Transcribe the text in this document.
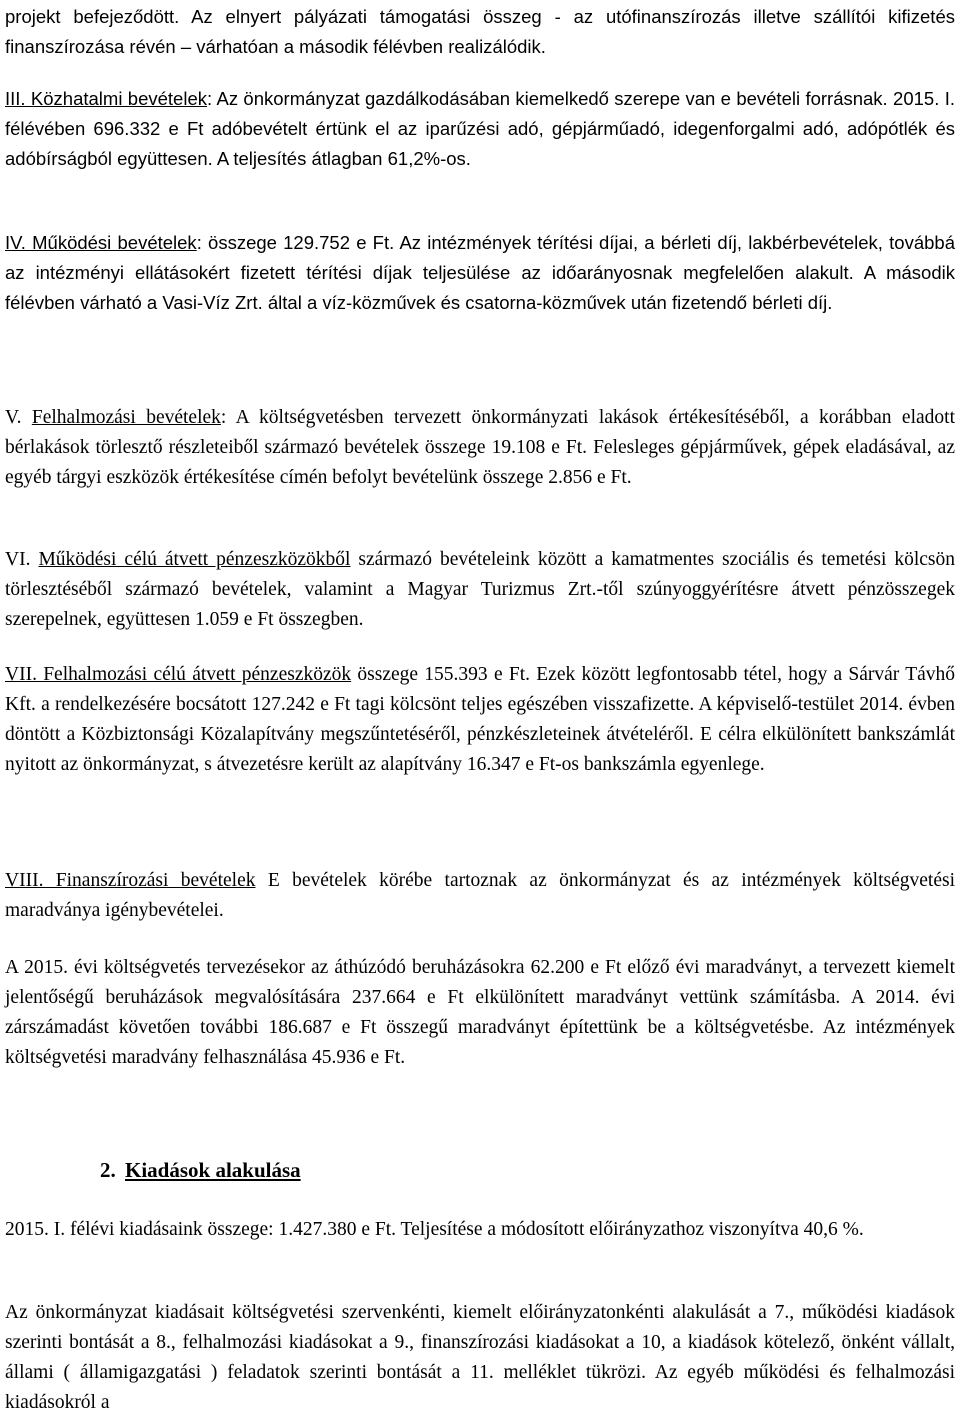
projekt befejeződött. Az elnyert pályázati támogatási összeg - az utófinanszírozás illetve szállítói kifizetés finanszírozása révén – várhatóan a második félévben realizálódik.

III. Közhatalmi bevételek: Az önkormányzat gazdálkodásában kiemelkedő szerepe van e bevételi forrásnak. 2015. I. félévében 696.332 e Ft adóbevételt értünk el az iparűzési adó, gépjárműadó, idegenforgalmi adó, adópótlék és adóbírságból együttesen. A teljesítés átlagban 61,2%-os.

IV. Működési bevételek: összege 129.752 e Ft. Az intézmények térítési díjai, a bérleti díj, lakbérbevételek, továbbá az intézményi ellátásokért fizetett térítési díjak teljesülése az időarányosnak megfelelően alakult. A második félévben várható a Vasi-Víz Zrt. által a víz-közművek és csatorna-közművek után fizetendő bérleti díj.

V. Felhalmozási bevételek: A költségvetésben tervezett önkormányzati lakások értékesítéséből, a korábban eladott bérlakások törlesztő részleteiből származó bevételek összege 19.108 e Ft. Felesleges gépjárművek, gépek eladásával, az egyéb tárgyi eszközök értékesítése címén befolyt bevételünk összege 2.856 e Ft.

VI. Működési célú átvett pénzeszközökből származó bevételeink között a kamatmentes szociális és temetési kölcsön törlesztéséből származó bevételek, valamint a Magyar Turizmus Zrt.-től szúnyoggyérítésre átvett pénzösszegek szerepelnek, együttesen 1.059 e Ft összegben.

VII. Felhalmozási célú átvett pénzeszközök összege 155.393 e Ft. Ezek között legfontosabb tétel, hogy a Sárvár Távhő Kft. a rendelkezésére bocsátott 127.242 e Ft tagi kölcsönt teljes egészében visszafizette. A képviselő-testület 2014. évben döntött a Közbiztonsági Közalapítvány megszűntetéséről, pénzkészleteinek átvételéről. E célra elkülönített bankszámlát nyitott az önkormányzat, s átvezetésre került az alapítvány 16.347 e Ft-os bankszámla egyenlege.

VIII. Finanszírozási bevételek E bevételek körébe tartoznak az önkormányzat és az intézmények költségvetési maradványa igénybevételei.

A 2015. évi költségvetés tervezésekor az áthúzódó beruházásokra 62.200 e Ft előző évi maradványt, a tervezett kiemelt jelentőségű beruházások megvalósítására 237.664 e Ft elkülönített maradványt vettünk számításba. A 2014. évi zárszámadást követően további 186.687 e Ft összegű maradványt építettünk be a költségvetésbe. Az intézmények költségvetési maradvány felhasználása 45.936 e Ft.

2. Kiadások alakulása

2015. I. félévi kiadásaink összege: 1.427.380 e Ft. Teljesítése a módosított előirányzathoz viszonyítva 40,6 %.

Az önkormányzat kiadásait költségvetési szervenkénti, kiemelt előirányzatonkénti alakulását a 7., működési kiadások szerinti bontását a 8., felhalmozási kiadásokat a 9., finanszírozási kiadásokat a 10, a kiadások kötelező, önként vállalt, állami ( államigazgatási ) feladatok szerinti bontását a 11. melléklet tükrözi. Az egyéb működési és felhalmozási kiadásokról a
